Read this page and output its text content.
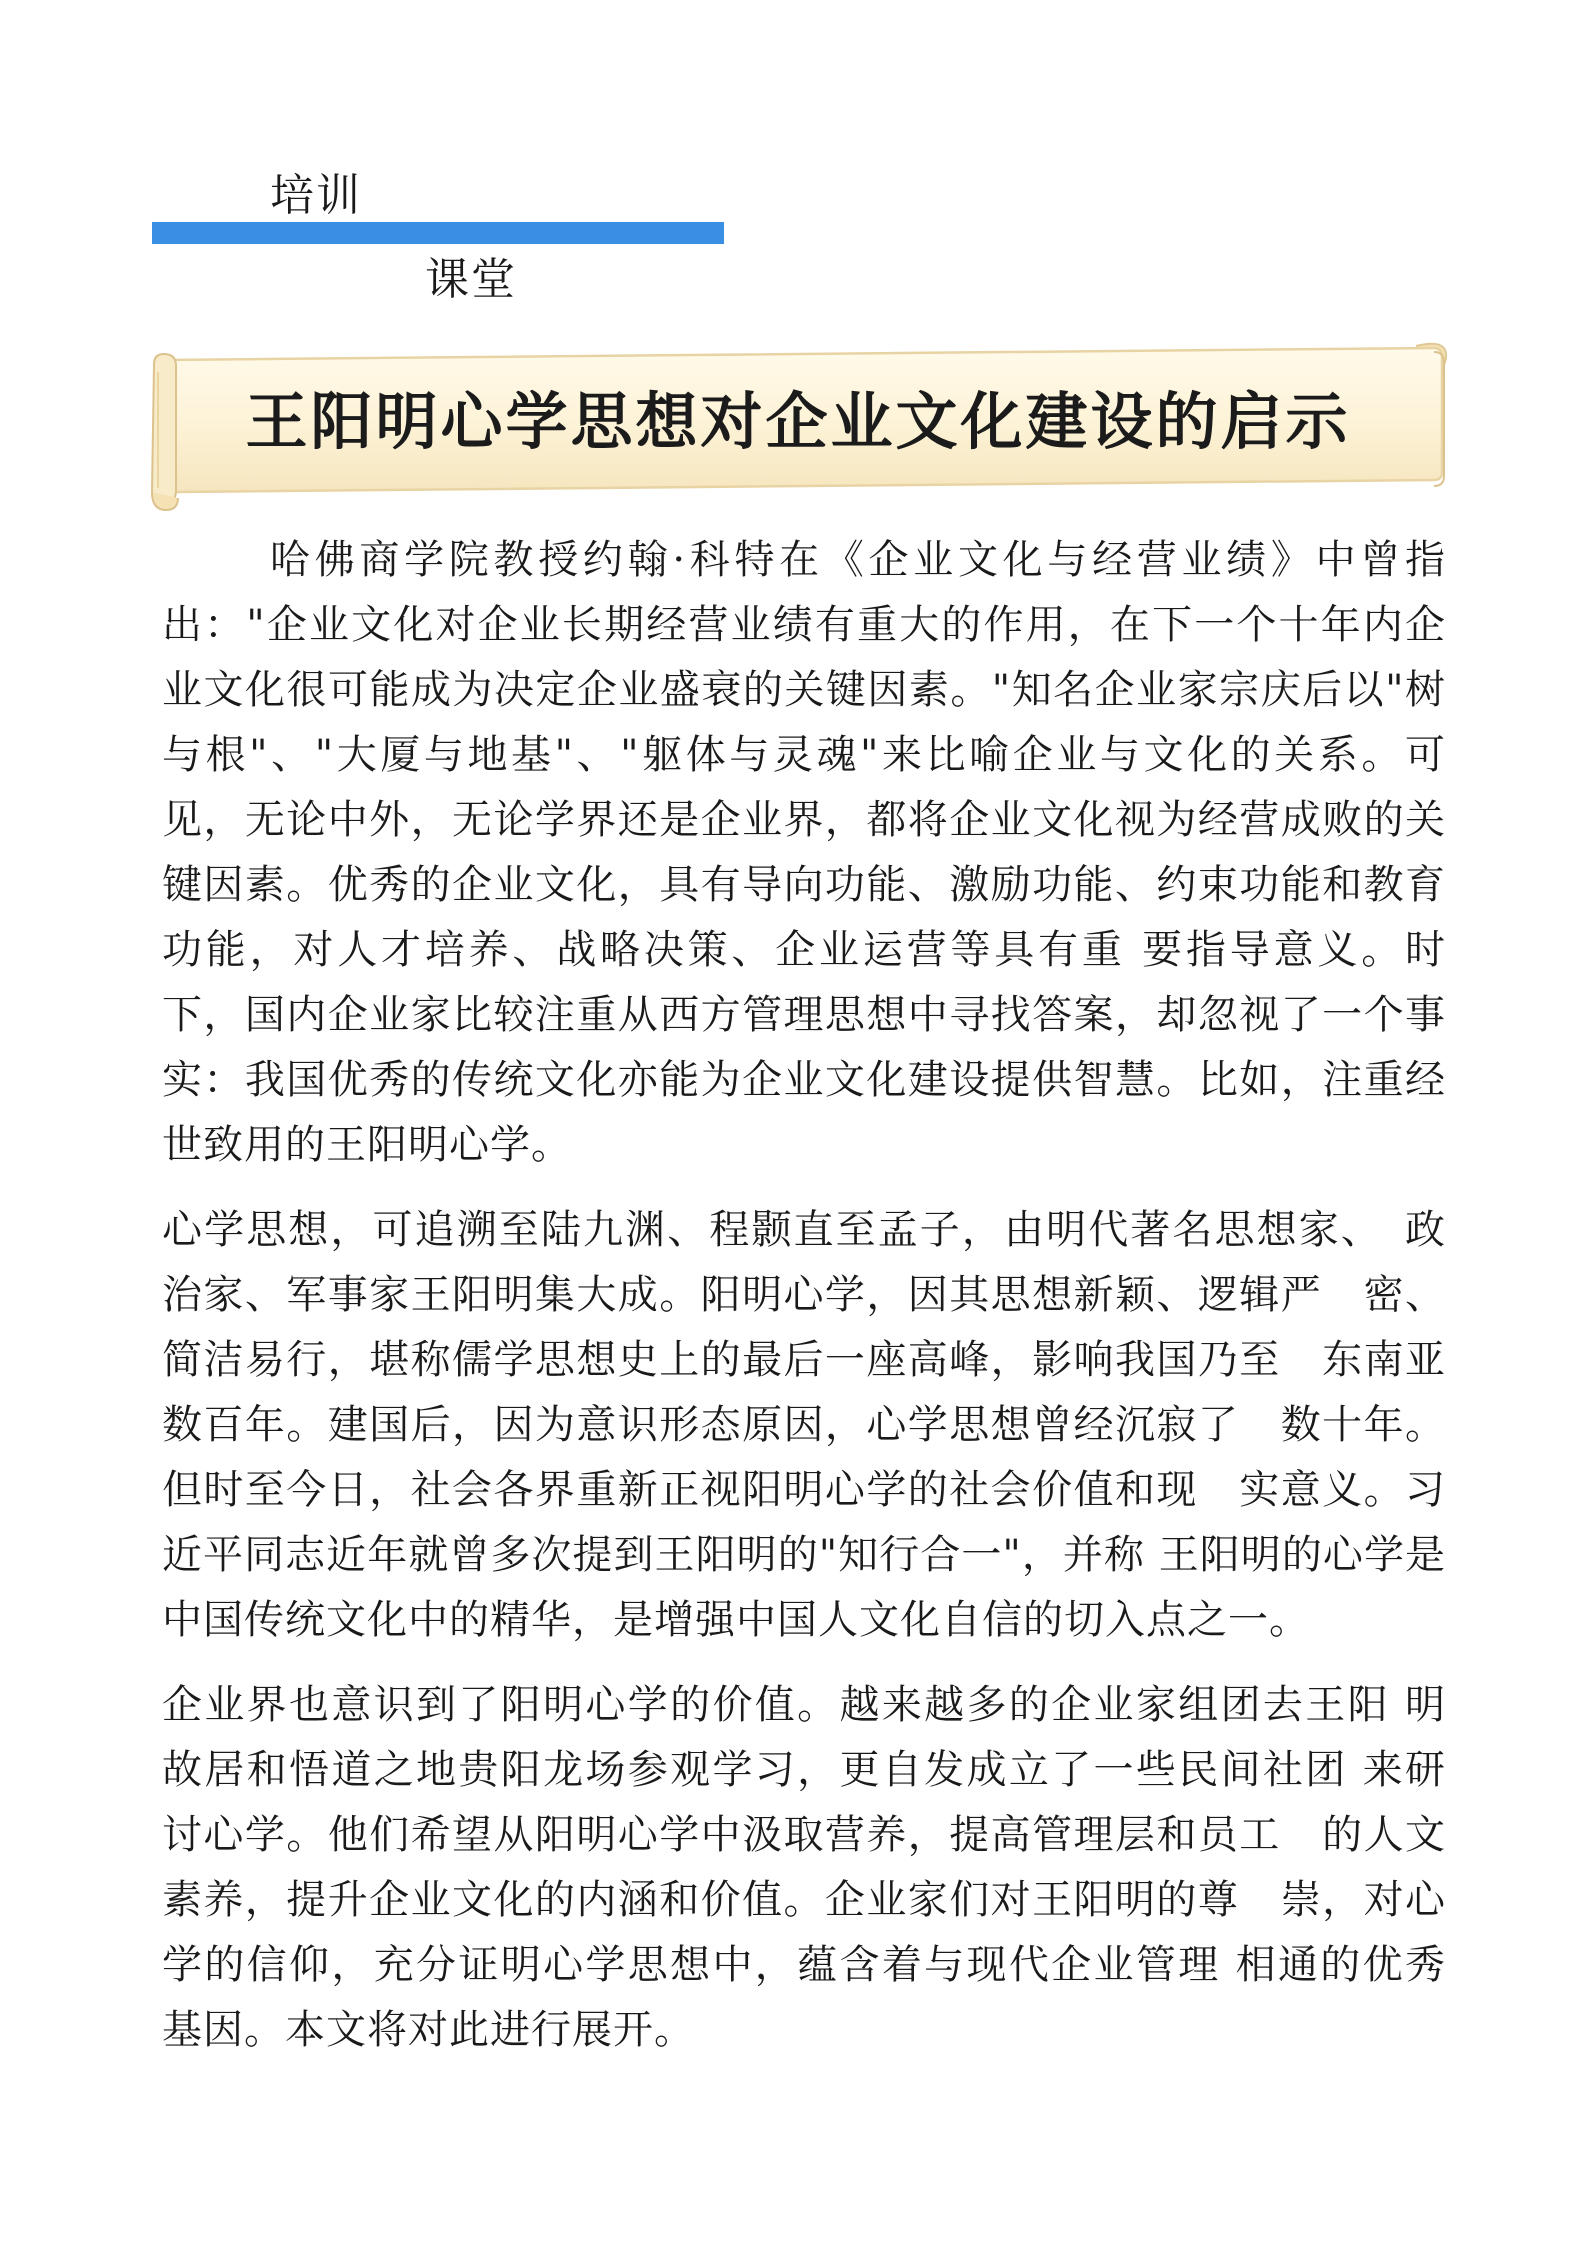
培训
课堂
王阳明心学思想对企业文化建设的启示

哈佛商学院教授约翰·科特在《企业文化与经营业绩》中曾指出："企业文化对企业长期经营业绩有重大的作用，在下一个十年内企业文化很可能成为决定企业盛衰的关键因素。"知名企业家宗庆后以"树与根"、"大厦与地基"、"躯体与灵魂"来比喻企业与文化的关系。可见，无论中外，无论学界还是企业界，都将企业文化视为经营成败的关键因素。优秀的企业文化，具有导向功能、激励功能、约束功能和教育功能，对人才培养、战略决策、企业运营等具有重 要指导意义。时下，国内企业家比较注重从西方管理思想中寻找答案，却忽视了一个事实：我国优秀的传统文化亦能为企业文化建设提供智慧。比如，注重经世致用的王阳明心学。

心学思想，可追溯至陆九渊、程颢直至孟子，由明代著名思想家、　政治家、军事家王阳明集大成。阳明心学，因其思想新颖、逻辑严　密、简洁易行，堪称儒学思想史上的最后一座高峰，影响我国乃至　东南亚数百年。建国后，因为意识形态原因，心学思想曾经沉寂了　数十年。但时至今日，社会各界重新正视阳明心学的社会价值和现　实意义。习近平同志近年就曾多次提到王阳明的"知行合一"，并称 王阳明的心学是中国传统文化中的精华，是增强中国人文化自信的切入点之一。

企业界也意识到了阳明心学的价值。越来越多的企业家组团去王阳 明故居和悟道之地贵阳龙场参观学习，更自发成立了一些民间社团 来研讨心学。他们希望从阳明心学中汲取营养，提高管理层和员工　的人文素养，提升企业文化的内涵和价值。企业家们对王阳明的尊　崇，对心学的信仰，充分证明心学思想中，蕴含着与现代企业管理 相通的优秀基因。本文将对此进行展开。
